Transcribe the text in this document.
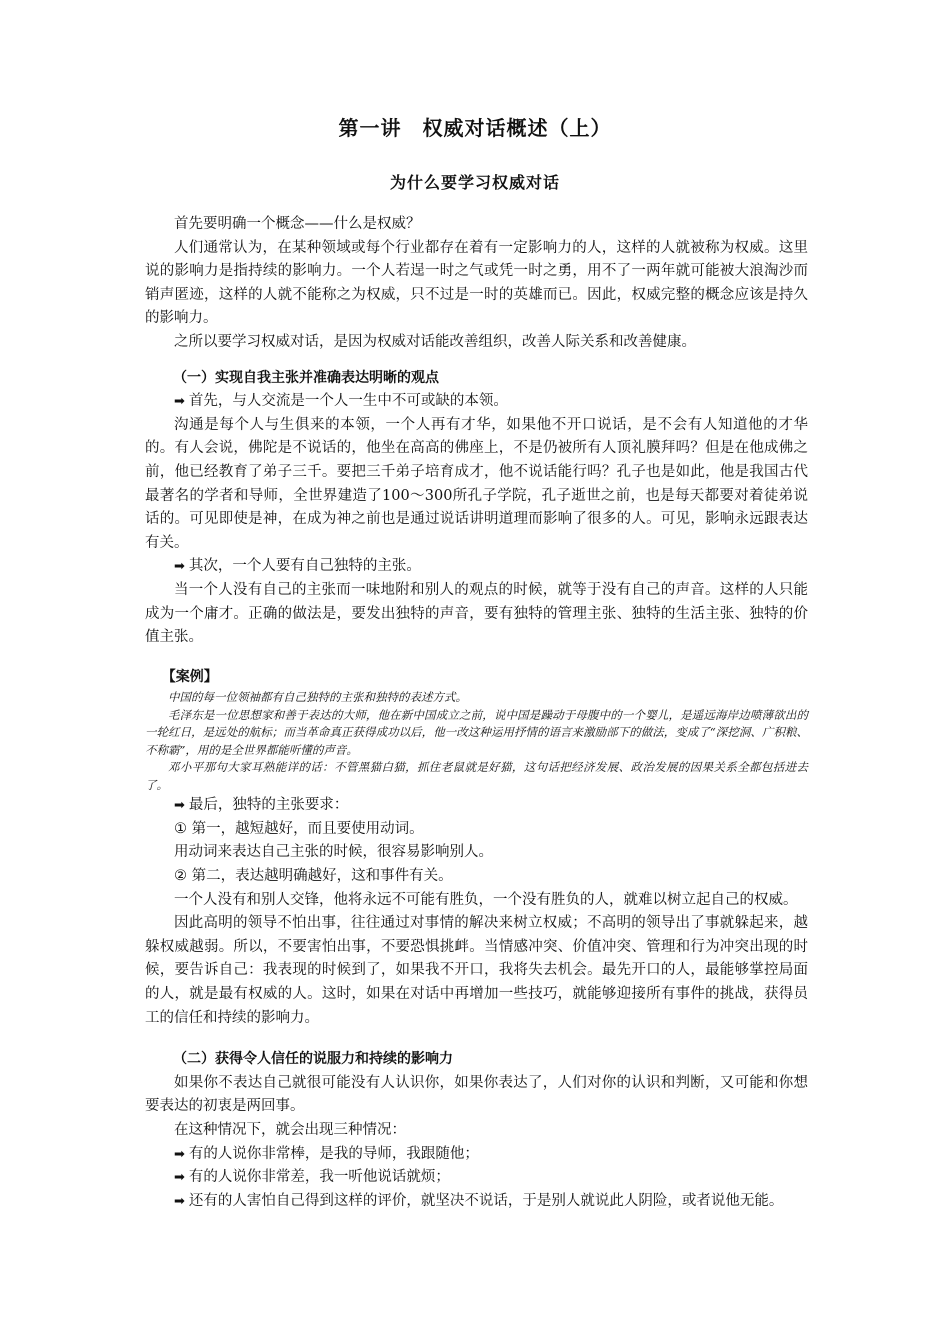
第一讲　权威对话概述（上）
为什么要学习权威对话

首先要明确一个概念——什么是权威？

人们通常认为，在某种领域或每个行业都存在着有一定影响力的人，这样的人就被称为权威。这里说的影响力是指持续的影响力。一个人若逞一时之气或凭一时之勇，用不了一两年就可能被大浪淘沙而销声匿迹，这样的人就不能称之为权威，只不过是一时的英雄而已。因此，权威完整的概念应该是持久的影响力。

之所以要学习权威对话，是因为权威对话能改善组织，改善人际关系和改善健康。

（一）实现自我主张并准确表达明晰的观点

➡ 首先，与人交流是一个人一生中不可或缺的本领。

沟通是每个人与生俱来的本领，一个人再有才华，如果他不开口说话，是不会有人知道他的才华的。有人会说，佛陀是不说话的，他坐在高高的佛座上，不是仍被所有人顶礼膜拜吗？但是在他成佛之前，他已经教育了弟子三千。要把三千弟子培育成才，他不说话能行吗？孔子也是如此，他是我国古代最著名的学者和导师，全世界建造了100～300所孔子学院，孔子逝世之前，也是每天都要对着徒弟说话的。可见即使是神，在成为神之前也是通过说话讲明道理而影响了很多的人。可见，影响永远跟表达有关。

➡ 其次，一个人要有自己独特的主张。

当一个人没有自己的主张而一味地附和别人的观点的时候，就等于没有自己的声音。这样的人只能成为一个庸才。正确的做法是，要发出独特的声音，要有独特的管理主张、独特的生活主张、独特的价值主张。

【案例】

中国的每一位领袖都有自己独特的主张和独特的表述方式。

毛泽东是一位思想家和善于表达的大师，他在新中国成立之前，说中国是躁动于母腹中的一个婴儿，是遥远海岸边喷薄欲出的一轮红日，是远处的航标；而当革命真正获得成功以后，他一改这种运用抒情的语言来激励部下的做法，变成了“深挖洞、广积粮、不称霸”，用的是全世界都能听懂的声音。

邓小平那句大家耳熟能详的话：不管黑猫白猫，抓住老鼠就是好猫，这句话把经济发展、政治发展的因果关系全都包括进去了。

➡ 最后，独特的主张要求：

① 第一，越短越好，而且要使用动词。

用动词来表达自己主张的时候，很容易影响别人。

② 第二，表达越明确越好，这和事件有关。

一个人没有和别人交锋，他将永远不可能有胜负，一个没有胜负的人，就难以树立起自己的权威。

因此高明的领导不怕出事，往往通过对事情的解决来树立权威；不高明的领导出了事就躲起来，越躲权威越弱。所以，不要害怕出事，不要恐惧挑衅。当情感冲突、价值冲突、管理和行为冲突出现的时候，要告诉自己：我表现的时候到了，如果我不开口，我将失去机会。最先开口的人，最能够掌控局面的人，就是最有权威的人。这时，如果在对话中再增加一些技巧，就能够迎接所有事件的挑战，获得员工的信任和持续的影响力。

（二）获得令人信任的说服力和持续的影响力

如果你不表达自己就很可能没有人认识你，如果你表达了，人们对你的认识和判断，又可能和你想要表达的初衷是两回事。

在这种情况下，就会出现三种情况：

➡ 有的人说你非常棒，是我的导师，我跟随他；

➡ 有的人说你非常差，我一听他说话就烦；

➡ 还有的人害怕自己得到这样的评价，就坚决不说话，于是别人就说此人阴险，或者说他无能。
